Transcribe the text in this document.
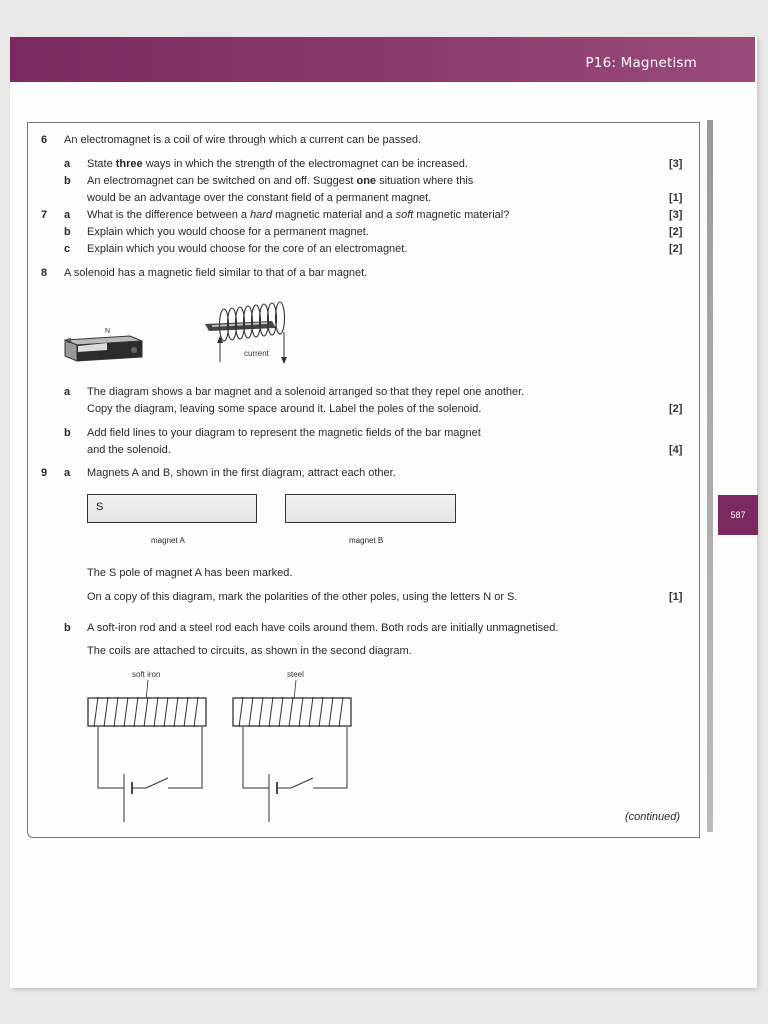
P16: Magnetism
587
6 An electromagnet is a coil of wire through which a current can be passed.
a State three ways in which the strength of the electromagnet can be increased.	[3]
b An electromagnet can be switched on and off. Suggest one situation where this
would be an advantage over the constant field of a permanent magnet.	[1]
7 a What is the difference between a hard magnetic material and a soft magnetic material?	[3]
b Explain which you would choose for a permanent magnet.	[2]
c Explain which you would choose for the core of an electromagnet.	[2]
8 A solenoid has a magnetic field similar to that of a bar magnet.
S
N
current
a The diagram shows a bar magnet and a solenoid arranged so that they repel one another.
Copy the diagram, leaving some space around it. Label the poles of the solenoid.	[2]
b Add field lines to your diagram to represent the magnetic fields of the bar magnet
and the solenoid.	[4]
9 a Magnets A and B, shown in the first diagram, attract each other.
S
magnet A	magnet B
The S pole of magnet A has been marked.
On a copy of this diagram, mark the polarities of the other poles, using the letters N or S.	[1]
b A soft-iron rod and a steel rod each have coils around them. Both rods are initially unmagnetised.
The coils are attached to circuits, as shown in the second diagram.
soft iron	steel
(continued)
